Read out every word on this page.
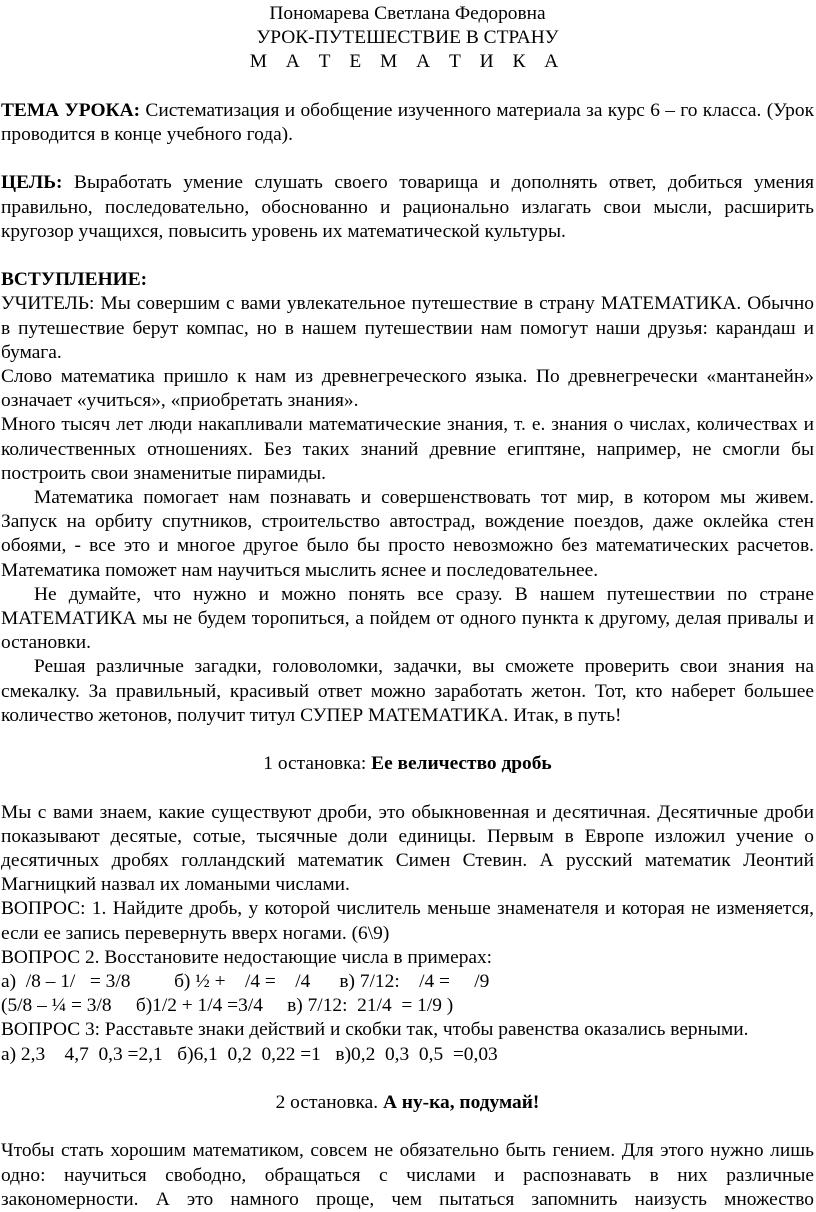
Пономарева Светлана Федоровна

УРОК-ПУТЕШЕСТВИЕ В СТРАНУ

М А Т Е М А Т И К А

ТЕМА УРОКА: Систематизация и обобщение изученного материала за курс 6 – го класса. (Урок проводится в конце учебного года).

ЦЕЛЬ: Выработать умение слушать своего товарища и дополнять ответ, добиться умения правильно, последовательно, обоснованно и рационально излагать свои мысли, расширить кругозор учащихся, повысить уровень их математической культуры.

ВСТУПЛЕНИЕ:

УЧИТЕЛЬ: Мы совершим с вами увлекательное путешествие в страну МАТЕМАТИКА. Обычно в путешествие берут компас, но в нашем путешествии нам помогут наши друзья: карандаш и бумага.

Слово математика пришло к нам из древнегреческого языка. По древнегречески «мантанейн» означает «учиться», «приобретать знания».

Много тысяч лет люди накапливали математические знания, т. е. знания о числах, количествах и количественных отношениях. Без таких знаний древние египтяне, например, не смогли бы построить свои знаменитые пирамиды.

Математика помогает нам познавать и совершенствовать тот мир, в котором мы живем. Запуск на орбиту спутников, строительство автострад, вождение поездов, даже оклейка стен обоями, - все это и многое другое было бы просто невозможно без математических расчетов. Математика поможет нам научиться мыслить яснее и последовательнее.

Не думайте, что нужно и можно понять все сразу. В нашем путешествии по стране МАТЕМАТИКА мы не будем торопиться, а пойдем от одного пункта к другому, делая привалы и остановки.

Решая различные загадки, головоломки, задачки, вы сможете проверить свои знания на смекалку. За правильный, красивый ответ можно заработать жетон. Тот, кто наберет большее количество жетонов, получит титул СУПЕР МАТЕМАТИКА. Итак, в путь!

1 остановка: Ее величество дробь

Мы с вами знаем, какие существуют дроби, это обыкновенная и десятичная. Десятичные дроби показывают десятые, сотые, тысячные доли единицы. Первым в Европе изложил учение о десятичных дробях голландский математик Симен Стевин. А русский математик Леонтий Магницкий назвал их ломаными числами.

ВОПРОС: 1. Найдите дробь, у которой числитель меньше знаменателя и которая не изменяется, если ее запись перевернуть вверх ногами. (6\9)

ВОПРОС 2. Восстановите недостающие числа в примерах:

а)  /8 – 1/   = 3/8 б) ½ +    /4 =    /4 в) 7/12:    /4 =     /9

(5/8 – ¼ = 3/8 б)1/2 + 1/4 =3/4 в) 7/12:  21/4  = 1/9 )

ВОПРОС 3: Расставьте знаки действий и скобки так, чтобы равенства оказались верными.

а) 2,3    4,7  0,3 =2,1   б)6,1  0,2  0,22 =1   в)0,2  0,3  0,5  =0,03

2 остановка. А ну-ка, подумай!

Чтобы стать хорошим математиком, совсем не обязательно быть гением. Для этого нужно лишь одно: научиться свободно, обращаться с числами и распознавать в них различные закономерности. А это намного проще, чем пытаться запомнить наизусть множество
